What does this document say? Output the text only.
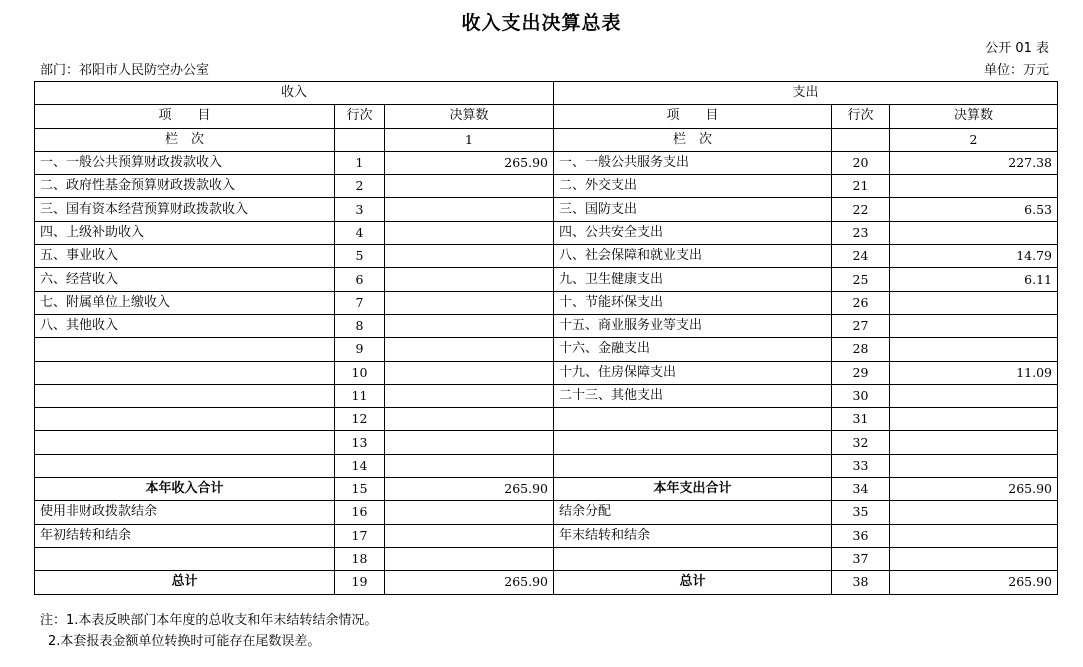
收入支出决算总表
公开 01 表
部门：祁阳市人民防空办公室	单位：万元
收入			支出		
项　　目	行次	决算数	项　　目	行次	决算数
栏　次		1	栏　次		2
一、一般公共预算财政拨款收入	1	265.90	一、一般公共服务支出	20	227.38
二、政府性基金预算财政拨款收入	2		二、外交支出	21	
三、国有资本经营预算财政拨款收入	3		三、国防支出	22	6.53
四、上级补助收入	4		四、公共安全支出	23	
五、事业收入	5		八、社会保障和就业支出	24	14.79
六、经营收入	6		九、卫生健康支出	25	6.11
七、附属单位上缴收入	7		十、节能环保支出	26	
八、其他收入	8		十五、商业服务业等支出	27	
	9		十六、金融支出	28	
	10		十九、住房保障支出	29	11.09
	11		二十三、其他支出	30	
	12			31	
	13			32	
	14			33	
本年收入合计	15	265.90	本年支出合计	34	265.90
使用非财政拨款结余	16		结余分配	35	
年初结转和结余	17		年末结转和结余	36	
	18			37	
总计	19	265.90	总计	38	265.90
注：1.本表反映部门本年度的总收支和年末结转结余情况。
2.本套报表金额单位转换时可能存在尾数误差。
